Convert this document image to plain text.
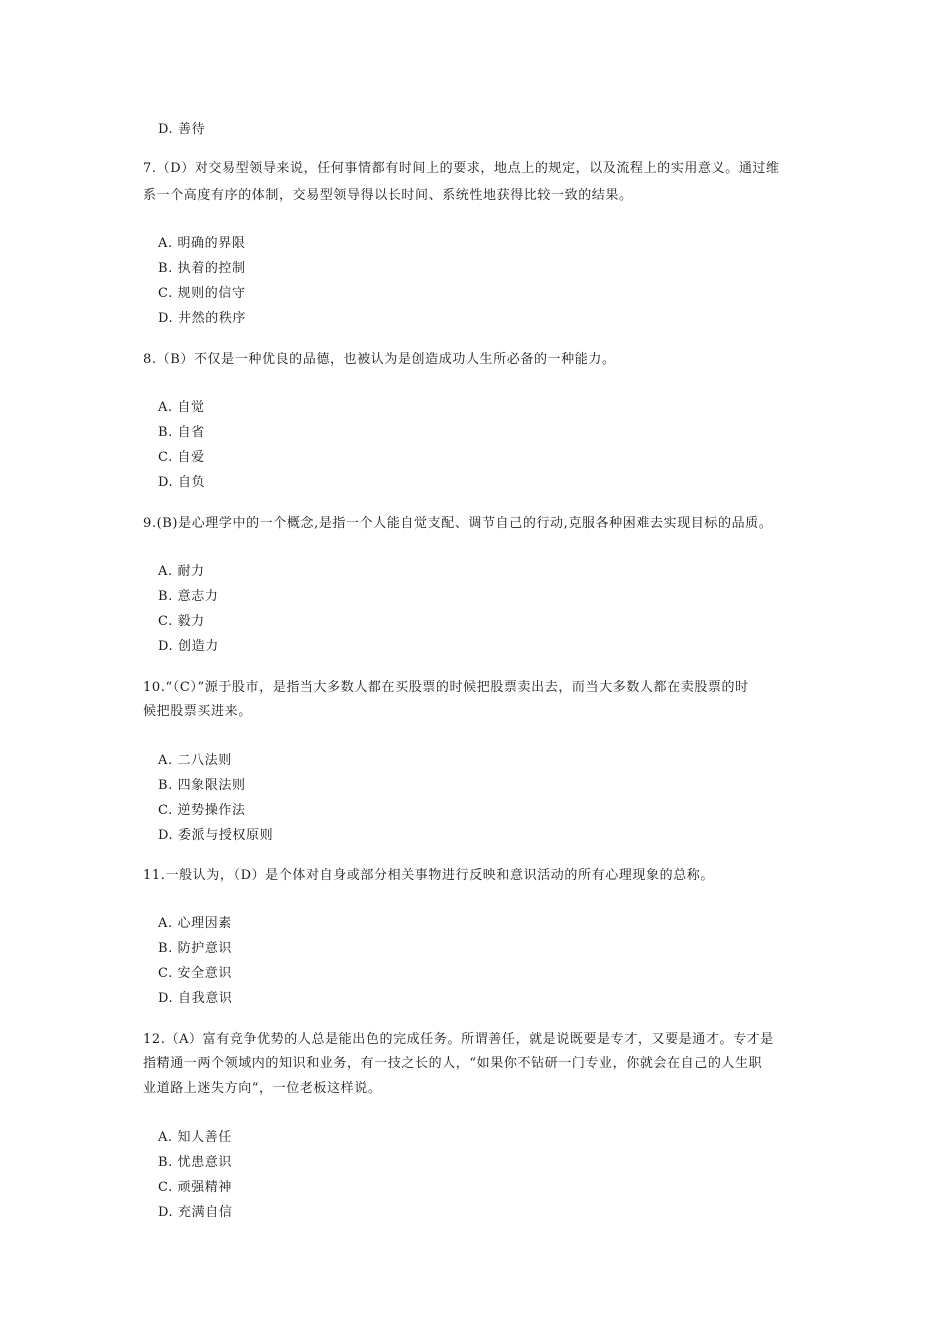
D. 善待
7.（D）对交易型领导来说，任何事情都有时间上的要求，地点上的规定，以及流程上的实用意义。通过维
系一个高度有序的体制，交易型领导得以长时间、系统性地获得比较一致的结果。
A. 明确的界限
B. 执着的控制
C. 规则的信守
D. 井然的秩序
8.（B）不仅是一种优良的品德，也被认为是创造成功人生所必备的一种能力。
A. 自觉
B. 自省
C. 自爱
D. 自负
9.(B)是心理学中的一个概念,是指一个人能自觉支配、调节自己的行动,克服各种困难去实现目标的品质。
A. 耐力
B. 意志力
C. 毅力
D. 创造力
10.“（C）”源于股市，是指当大多数人都在买股票的时候把股票卖出去，而当大多数人都在卖股票的时
候把股票买进来。
A. 二八法则
B. 四象限法则
C. 逆势操作法
D. 委派与授权原则
11.一般认为，（D）是个体对自身或部分相关事物进行反映和意识活动的所有心理现象的总称。
A. 心理因素
B. 防护意识
C. 安全意识
D. 自我意识
12.（A）富有竞争优势的人总是能出色的完成任务。所谓善任，就是说既要是专才，又要是通才。专才是
指精通一两个领域内的知识和业务，有一技之长的人，“如果你不钻研一门专业，你就会在自己的人生职
业道路上迷失方向“，一位老板这样说。
A. 知人善任
B. 忧患意识
C. 顽强精神
D. 充满自信
